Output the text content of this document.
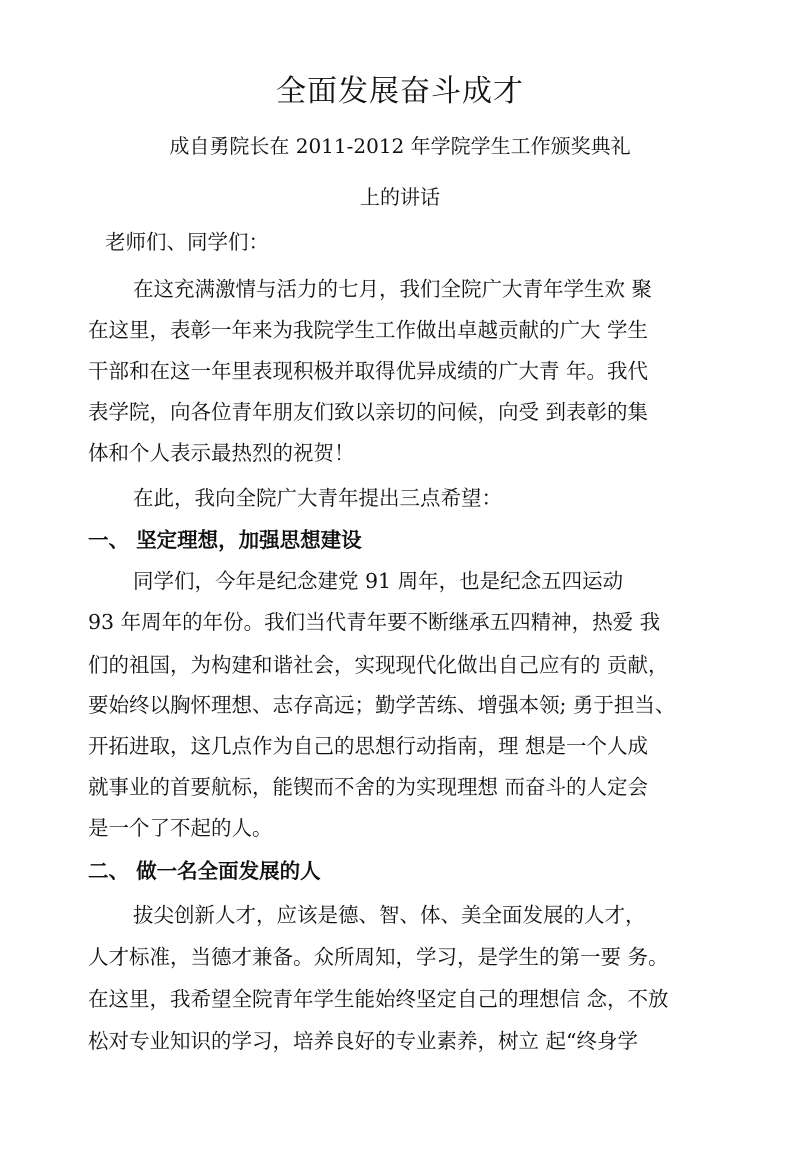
全面发展奋斗成才
成自勇院长在 2011-2012 年学院学生工作颁奖典礼
上的讲话
老师们、同学们：
在这充满激情与活力的七月，我们全院广大青年学生欢 聚
在这里，表彰一年来为我院学生工作做出卓越贡献的广大 学生
干部和在这一年里表现积极并取得优异成绩的广大青 年。我代
表学院，向各位青年朋友们致以亲切的问候，向受 到表彰的集
体和个人表示最热烈的祝贺！
在此，我向全院广大青年提出三点希望：
一、 坚定理想，加强思想建设
同学们，今年是纪念建党 91 周年，也是纪念五四运动
93 年周年的年份。我们当代青年要不断继承五四精神，热爱 我
们的祖国，为构建和谐社会，实现现代化做出自己应有的 贡献，
要始终以胸怀理想、志存高远；勤学苦练、增强本领; 勇于担当、
开拓进取，这几点作为自己的思想行动指南，理 想是一个人成
就事业的首要航标，能锲而不舍的为实现理想 而奋斗的人定会
是一个了不起的人。
二、 做一名全面发展的人
拔尖创新人才，应该是德、智、体、美全面发展的人才，
人才标准，当德才兼备。众所周知，学习，是学生的第一要 务。
在这里，我希望全院青年学生能始终坚定自己的理想信 念，不放
松对专业知识的学习，培养良好的专业素养，树立 起“终身学
